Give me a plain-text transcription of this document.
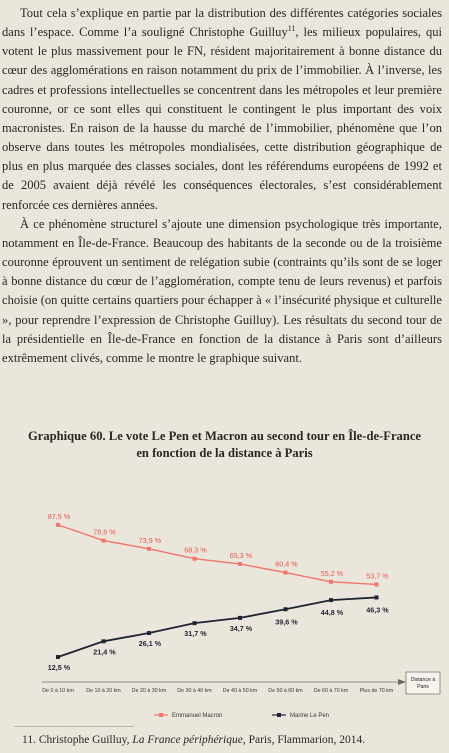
Tout cela s’explique en partie par la distribution des différentes catégories sociales dans l’espace. Comme l’a souligné Christophe Guilluy$^{11}$, les milieux populaires, qui votent le plus massivement pour le FN, résident majoritairement à bonne distance du cœur des agglomérations en raison notamment du prix de l’immobilier. À l’inverse, les cadres et professions intellectuelles se concentrent dans les métropoles et leur première couronne, or ce sont elles qui constituent le contingent le plus important des voix macronistes. En raison de la hausse du marché de l’immobilier, phénomène que l’on observe dans toutes les métropoles mondialisées, cette distribution géographique de plus en plus marquée des classes sociales, dont les référendums européens de 1992 et de 2005 avaient déjà révélé les conséquences électorales, s’est considérablement renforcée ces dernières années.

À ce phénomène structurel s’ajoute une dimension psychologique très importante, notamment en Île-de-France. Beaucoup des habitants de la seconde ou de la troisième couronne éprouvent un sentiment de relégation subie (contraints qu’ils sont de se loger à bonne distance du cœur de l’agglomération, compte tenu de leurs revenus) et parfois choisie (on quitte certains quartiers pour échapper à « l’insécurité physique et culturelle », pour reprendre l’expression de Christophe Guilluy). Les résultats du second tour de la présidentielle en Île-de-France en fonction de la distance à Paris sont d’ailleurs extrêmement clivés, comme le montre le graphique suivant.

Graphique 60. Le vote Le Pen et Macron au second tour en Île-de-France
en fonction de la distance à Paris
De 0 à 10 km De 10 à 20 km De 20 à 30 km De 30 à 40 km De 40 à 50 km De 50 à 60 km De 60 à 70 km Plus de 70 km
Distance à Paris
87,5 %
78,6 %
73,9 %
68,3 %
65,3 %
60,4 %
55,2 %	53,7 %
12,5 %
21,4 %
26,1 %
31,7 %
34,7 %
39,6 %
44,8 %	46,3 %
Emmanuel Macron	Marine Le Pen
11. Christophe Guilluy, La France périphérique, Paris, Flammarion, 2014.
